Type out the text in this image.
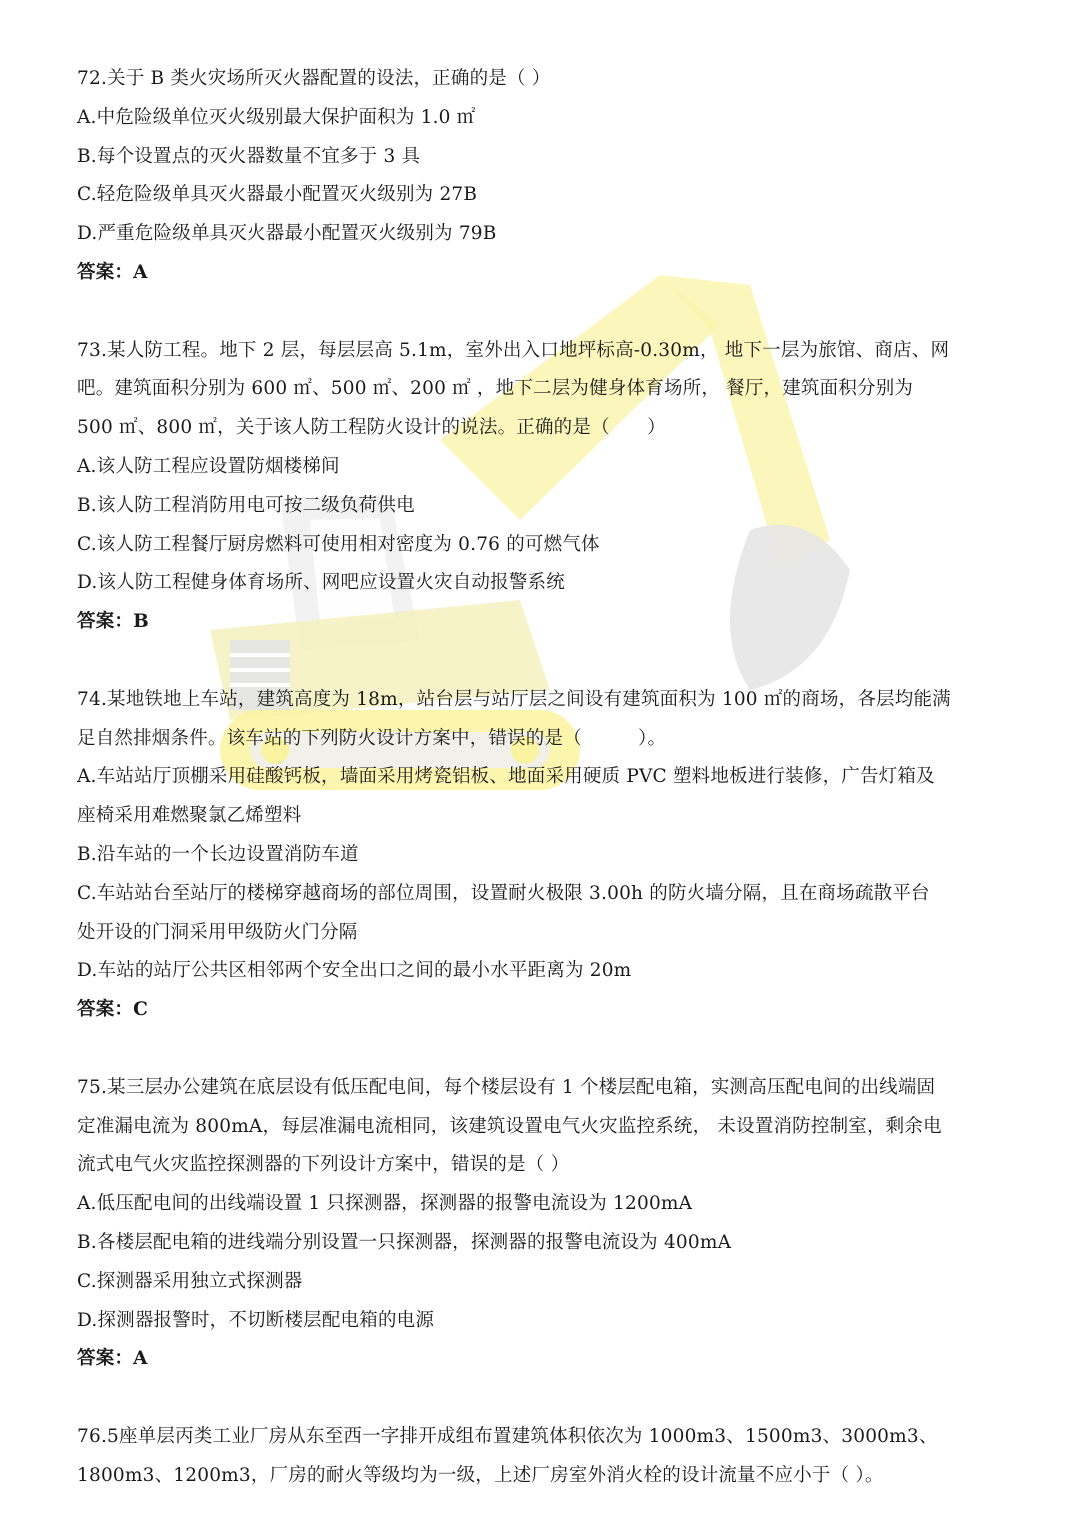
72.关于 B 类火灾场所灭火器配置的设法，正确的是（ ）
A.中危险级单位灭火级别最大保护面积为 1.0 ㎡
B.每个设置点的灭火器数量不宜多于 3 具
C.轻危险级单具灭火器最小配置灭火级别为 27B
D.严重危险级单具灭火器最小配置灭火级别为 79B
答案：A
73.某人防工程。地下 2 层，每层层高 5.1m，室外出入口地坪标高-0.30m， 地下一层为旅馆、商店、网
吧。建筑面积分别为 600 ㎡、500 ㎡、200 ㎡ ，地下二层为健身体育场所， 餐厅，建筑面积分别为
500 ㎡、800 ㎡，关于该人防工程防火设计的说法。正确的是（　　）
A.该人防工程应设置防烟楼梯间
B.该人防工程消防用电可按二级负荷供电
C.该人防工程餐厅厨房燃料可使用相对密度为 0.76 的可燃气体
D.该人防工程健身体育场所、网吧应设置火灾自动报警系统
答案：B
74.某地铁地上车站，建筑高度为 18m，站台层与站厅层之间设有建筑面积为 100 ㎡的商场，各层均能满
足自然排烟条件。该车站的下列防火设计方案中，错误的是（　　　）。
A.车站站厅顶棚采用硅酸钙板，墙面采用烤瓷铝板、地面采用硬质 PVC 塑料地板进行装修，广告灯箱及
座椅采用难燃聚氯乙烯塑料
B.沿车站的一个长边设置消防车道
C.车站站台至站厅的楼梯穿越商场的部位周围，设置耐火极限 3.00h 的防火墙分隔，且在商场疏散平台
处开设的门洞采用甲级防火门分隔
D.车站的站厅公共区相邻两个安全出口之间的最小水平距离为 20m
答案：C
75.某三层办公建筑在底层设有低压配电间，每个楼层设有 1 个楼层配电箱，实测高压配电间的出线端固
定准漏电流为 800mA，每层准漏电流相同，该建筑设置电气火灾监控系统， 未设置消防控制室，剩余电
流式电气火灾监控探测器的下列设计方案中，错误的是（ ）
A.低压配电间的出线端设置 1 只探测器，探测器的报警电流设为 1200mA
B.各楼层配电箱的进线端分别设置一只探测器，探测器的报警电流设为 400mA
C.探测器采用独立式探测器
D.探测器报警时，不切断楼层配电箱的电源
答案：A
76.5座单层丙类工业厂房从东至西一字排开成组布置建筑体积依次为 1000m3、1500m3、3000m3、
1800m3、1200m3，厂房的耐火等级均为一级，上述厂房室外消火栓的设计流量不应小于（ ）。
